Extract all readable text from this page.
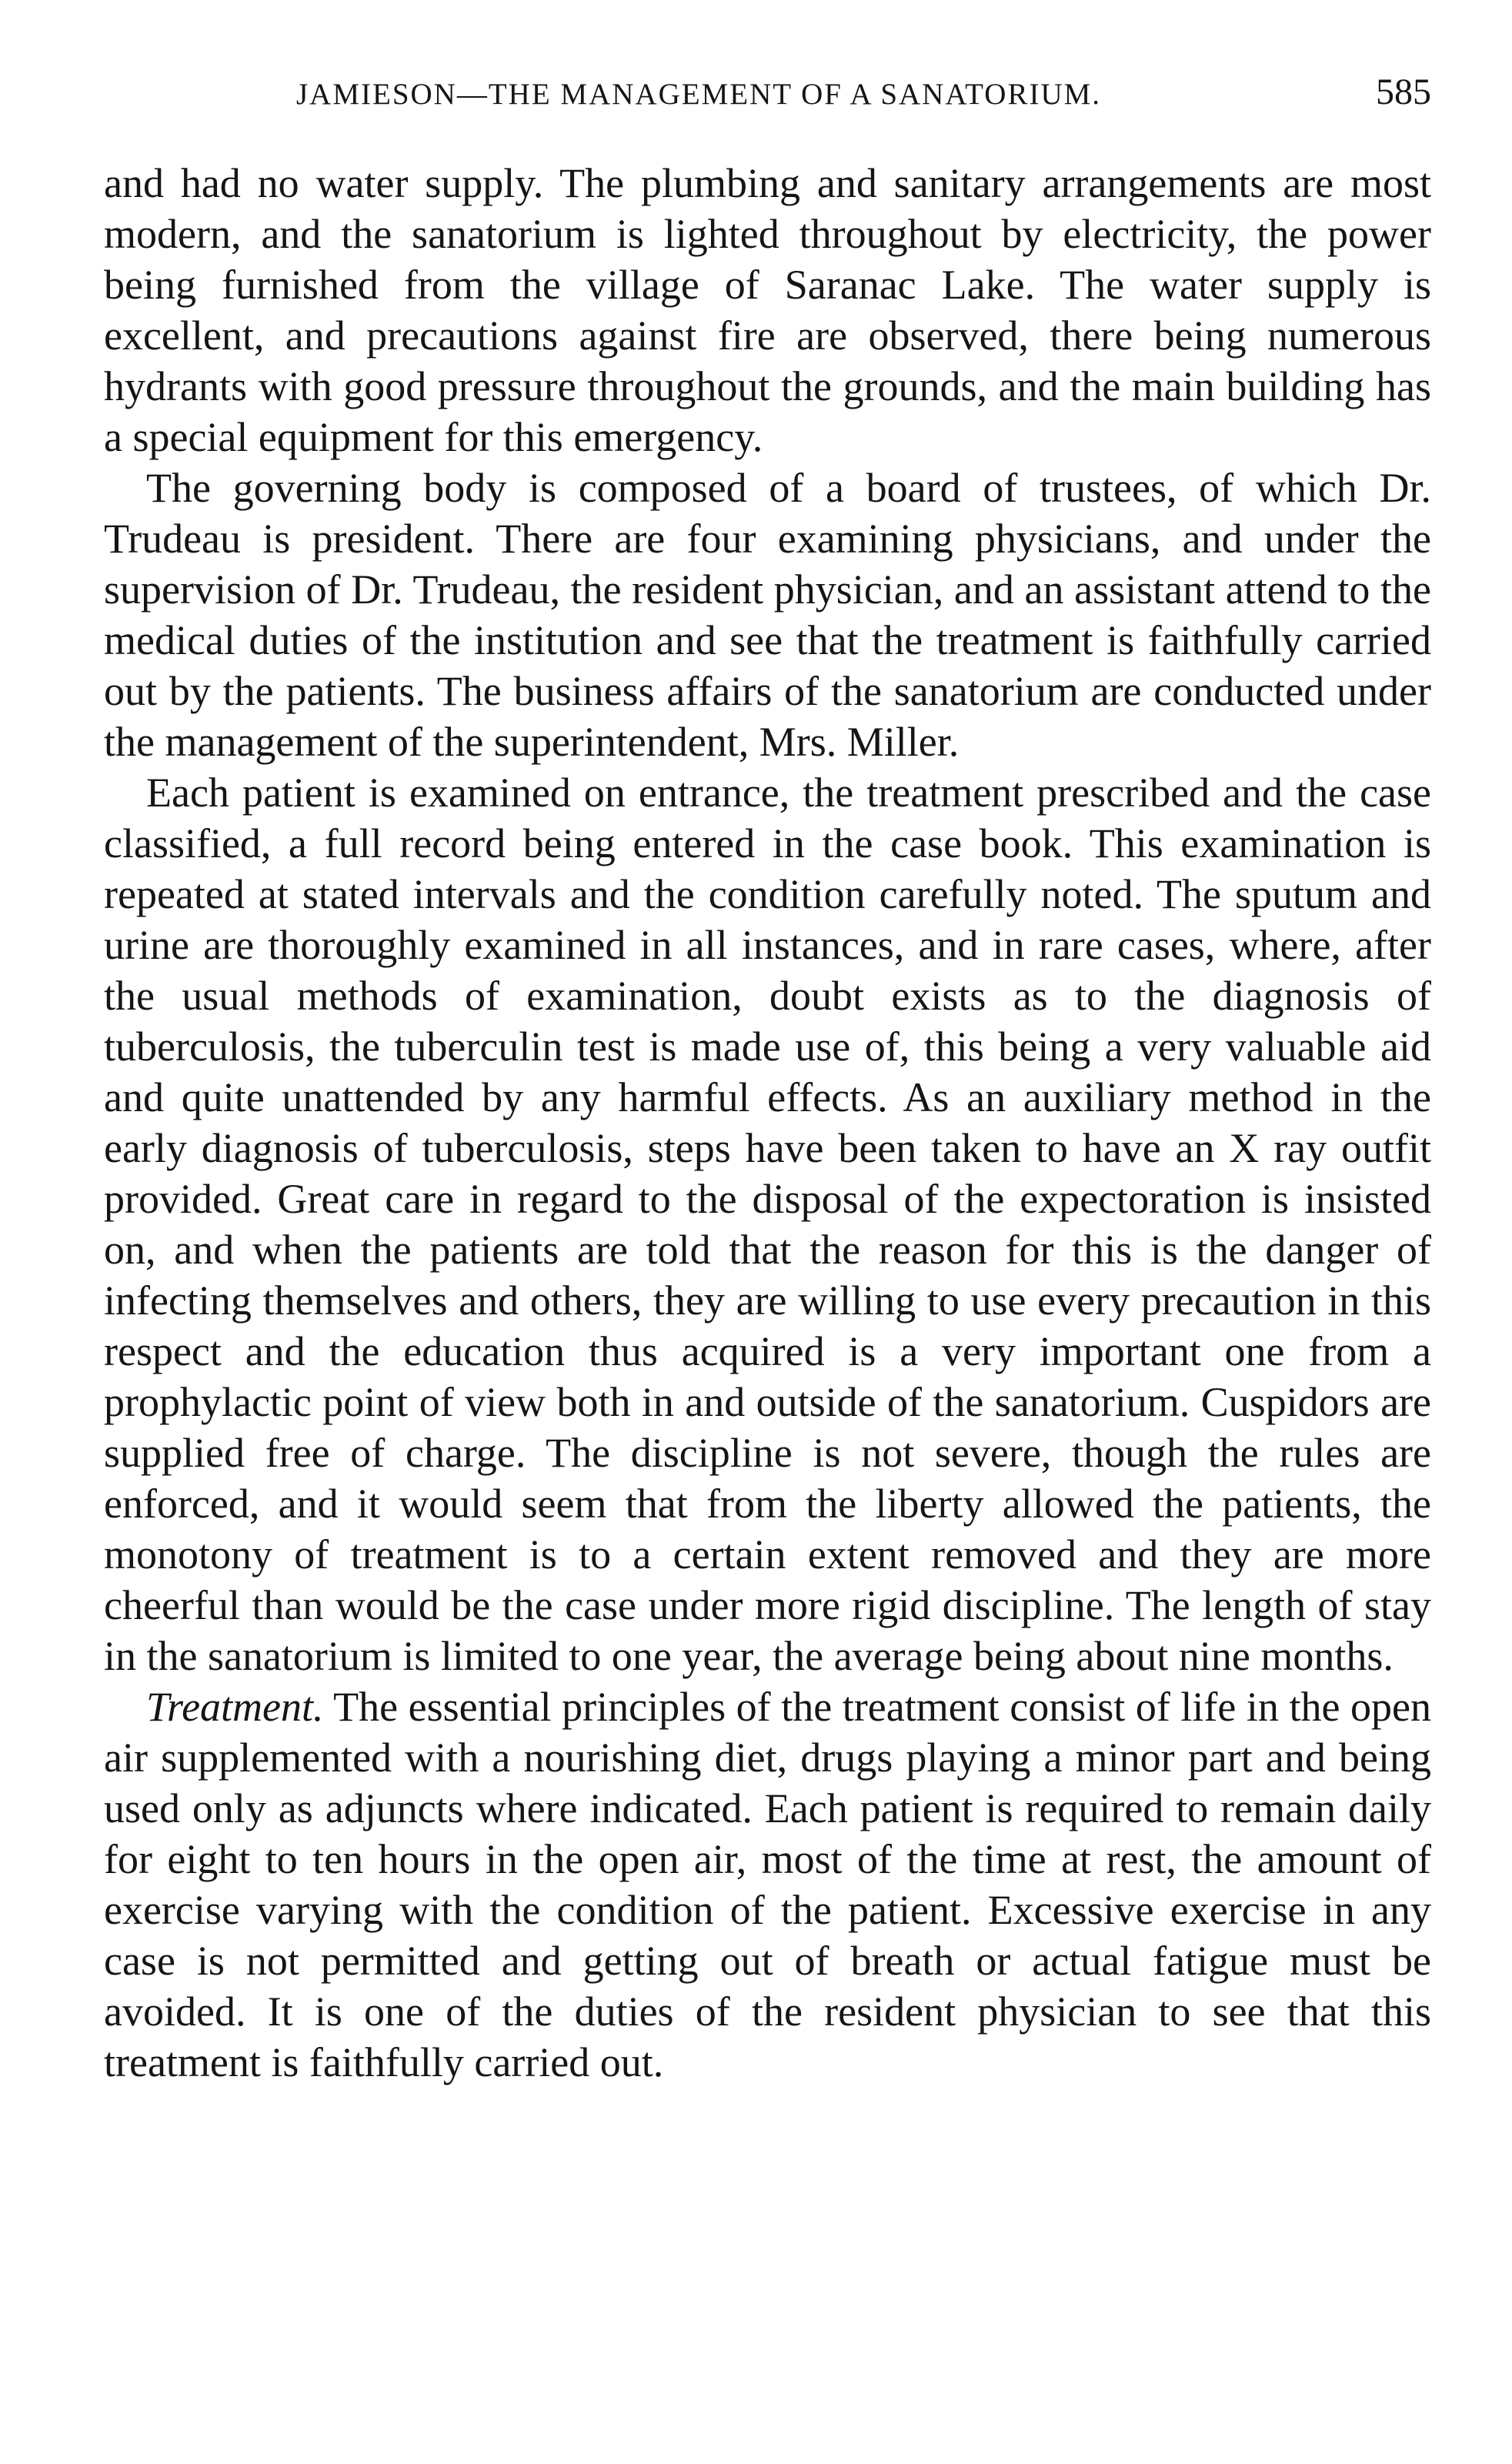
JAMIESON—THE MANAGEMENT OF A SANATORIUM.	585

and had no water supply. The plumbing and sanitary arrangements are most modern, and the sanatorium is lighted throughout by electricity, the power being furnished from the village of Saranac Lake. The water supply is excellent, and precautions against fire are observed, there being numerous hydrants with good pressure throughout the grounds, and the main building has a special equipment for this emergency.

The governing body is composed of a board of trustees, of which Dr. Trudeau is president. There are four examining physicians, and under the supervision of Dr. Trudeau, the resident physician, and an assistant attend to the medical duties of the institution and see that the treatment is faithfully carried out by the patients. The business affairs of the sanatorium are conducted under the management of the superintendent, Mrs. Miller.

Each patient is examined on entrance, the treatment prescribed and the case classified, a full record being entered in the case book. This examination is repeated at stated intervals and the condition carefully noted. The sputum and urine are thoroughly examined in all instances, and in rare cases, where, after the usual methods of examination, doubt exists as to the diagnosis of tuberculosis, the tuberculin test is made use of, this being a very valuable aid and quite unattended by any harmful effects. As an auxiliary method in the early diagnosis of tuberculosis, steps have been taken to have an X ray outfit provided. Great care in regard to the disposal of the expectoration is insisted on, and when the patients are told that the reason for this is the danger of infecting themselves and others, they are willing to use every precaution in this respect and the education thus acquired is a very important one from a prophylactic point of view both in and outside of the sanatorium. Cuspidors are supplied free of charge. The discipline is not severe, though the rules are enforced, and it would seem that from the liberty allowed the patients, the monotony of treatment is to a certain extent removed and they are more cheerful than would be the case under more rigid discipline. The length of stay in the sanatorium is limited to one year, the average being about nine months.

Treatment. The essential principles of the treatment consist of life in the open air supplemented with a nourishing diet, drugs playing a minor part and being used only as adjuncts where indicated. Each patient is required to remain daily for eight to ten hours in the open air, most of the time at rest, the amount of exercise varying with the condition of the patient. Excessive exercise in any case is not permitted and getting out of breath or actual fatigue must be avoided. It is one of the duties of the resident physician to see that this treatment is faithfully carried out.
